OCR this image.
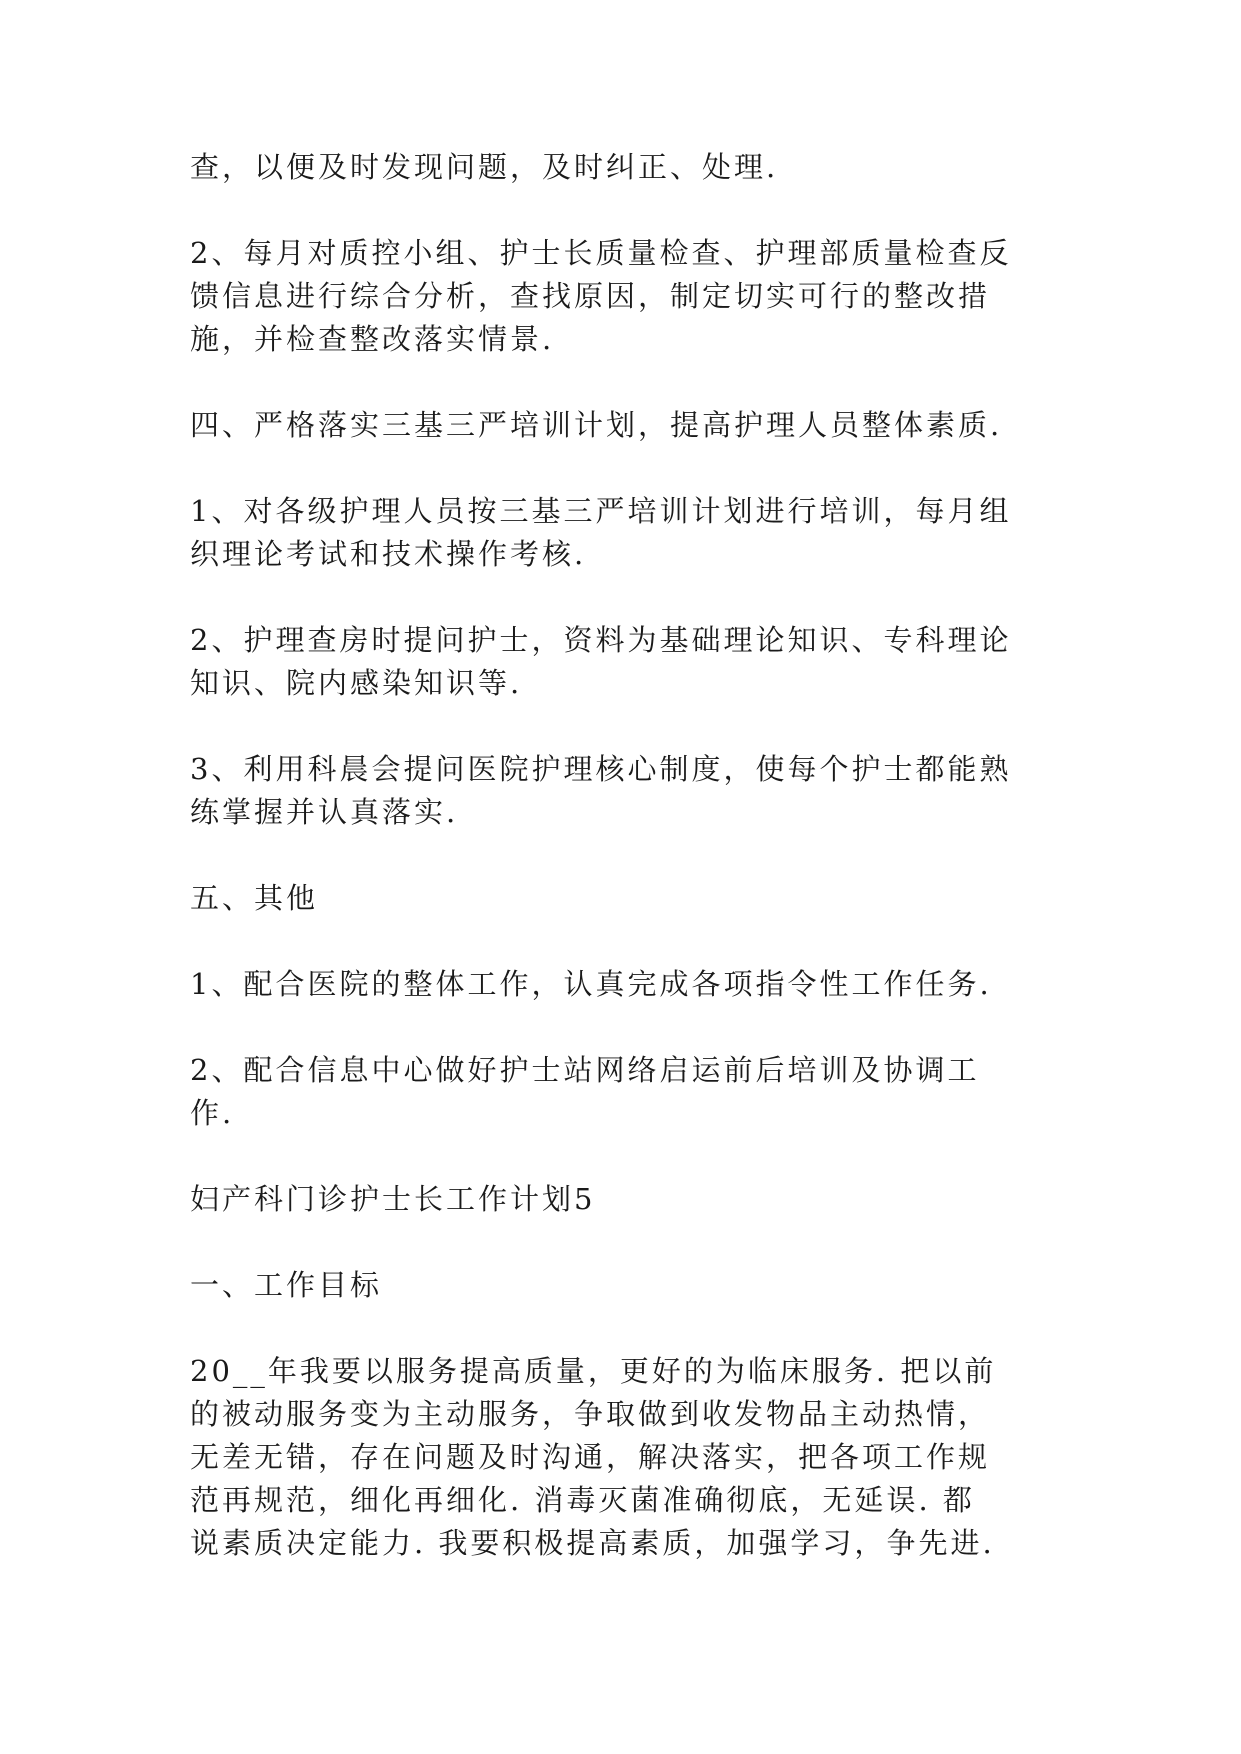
查，以便及时发现问题，及时纠正、处理.

2、每月对质控小组、护士长质量检查、护理部质量检查反
馈信息进行综合分析，查找原因，制定切实可行的整改措
施，并检查整改落实情景.

四、严格落实三基三严培训计划，提高护理人员整体素质.

1、对各级护理人员按三基三严培训计划进行培训，每月组
织理论考试和技术操作考核.

2、护理查房时提问护士，资料为基础理论知识、专科理论
知识、院内感染知识等.

3、利用科晨会提问医院护理核心制度，使每个护士都能熟
练掌握并认真落实.

五、其他

1、配合医院的整体工作，认真完成各项指令性工作任务.

2、配合信息中心做好护士站网络启运前后培训及协调工
作.

妇产科门诊护士长工作计划5

一、工作目标

20__年我要以服务提高质量，更好的为临床服务. 把以前
的被动服务变为主动服务，争取做到收发物品主动热情，
无差无错，存在问题及时沟通，解决落实，把各项工作规
范再规范，细化再细化. 消毒灭菌准确彻底，无延误. 都
说素质决定能力. 我要积极提高素质，加强学习，争先进.
